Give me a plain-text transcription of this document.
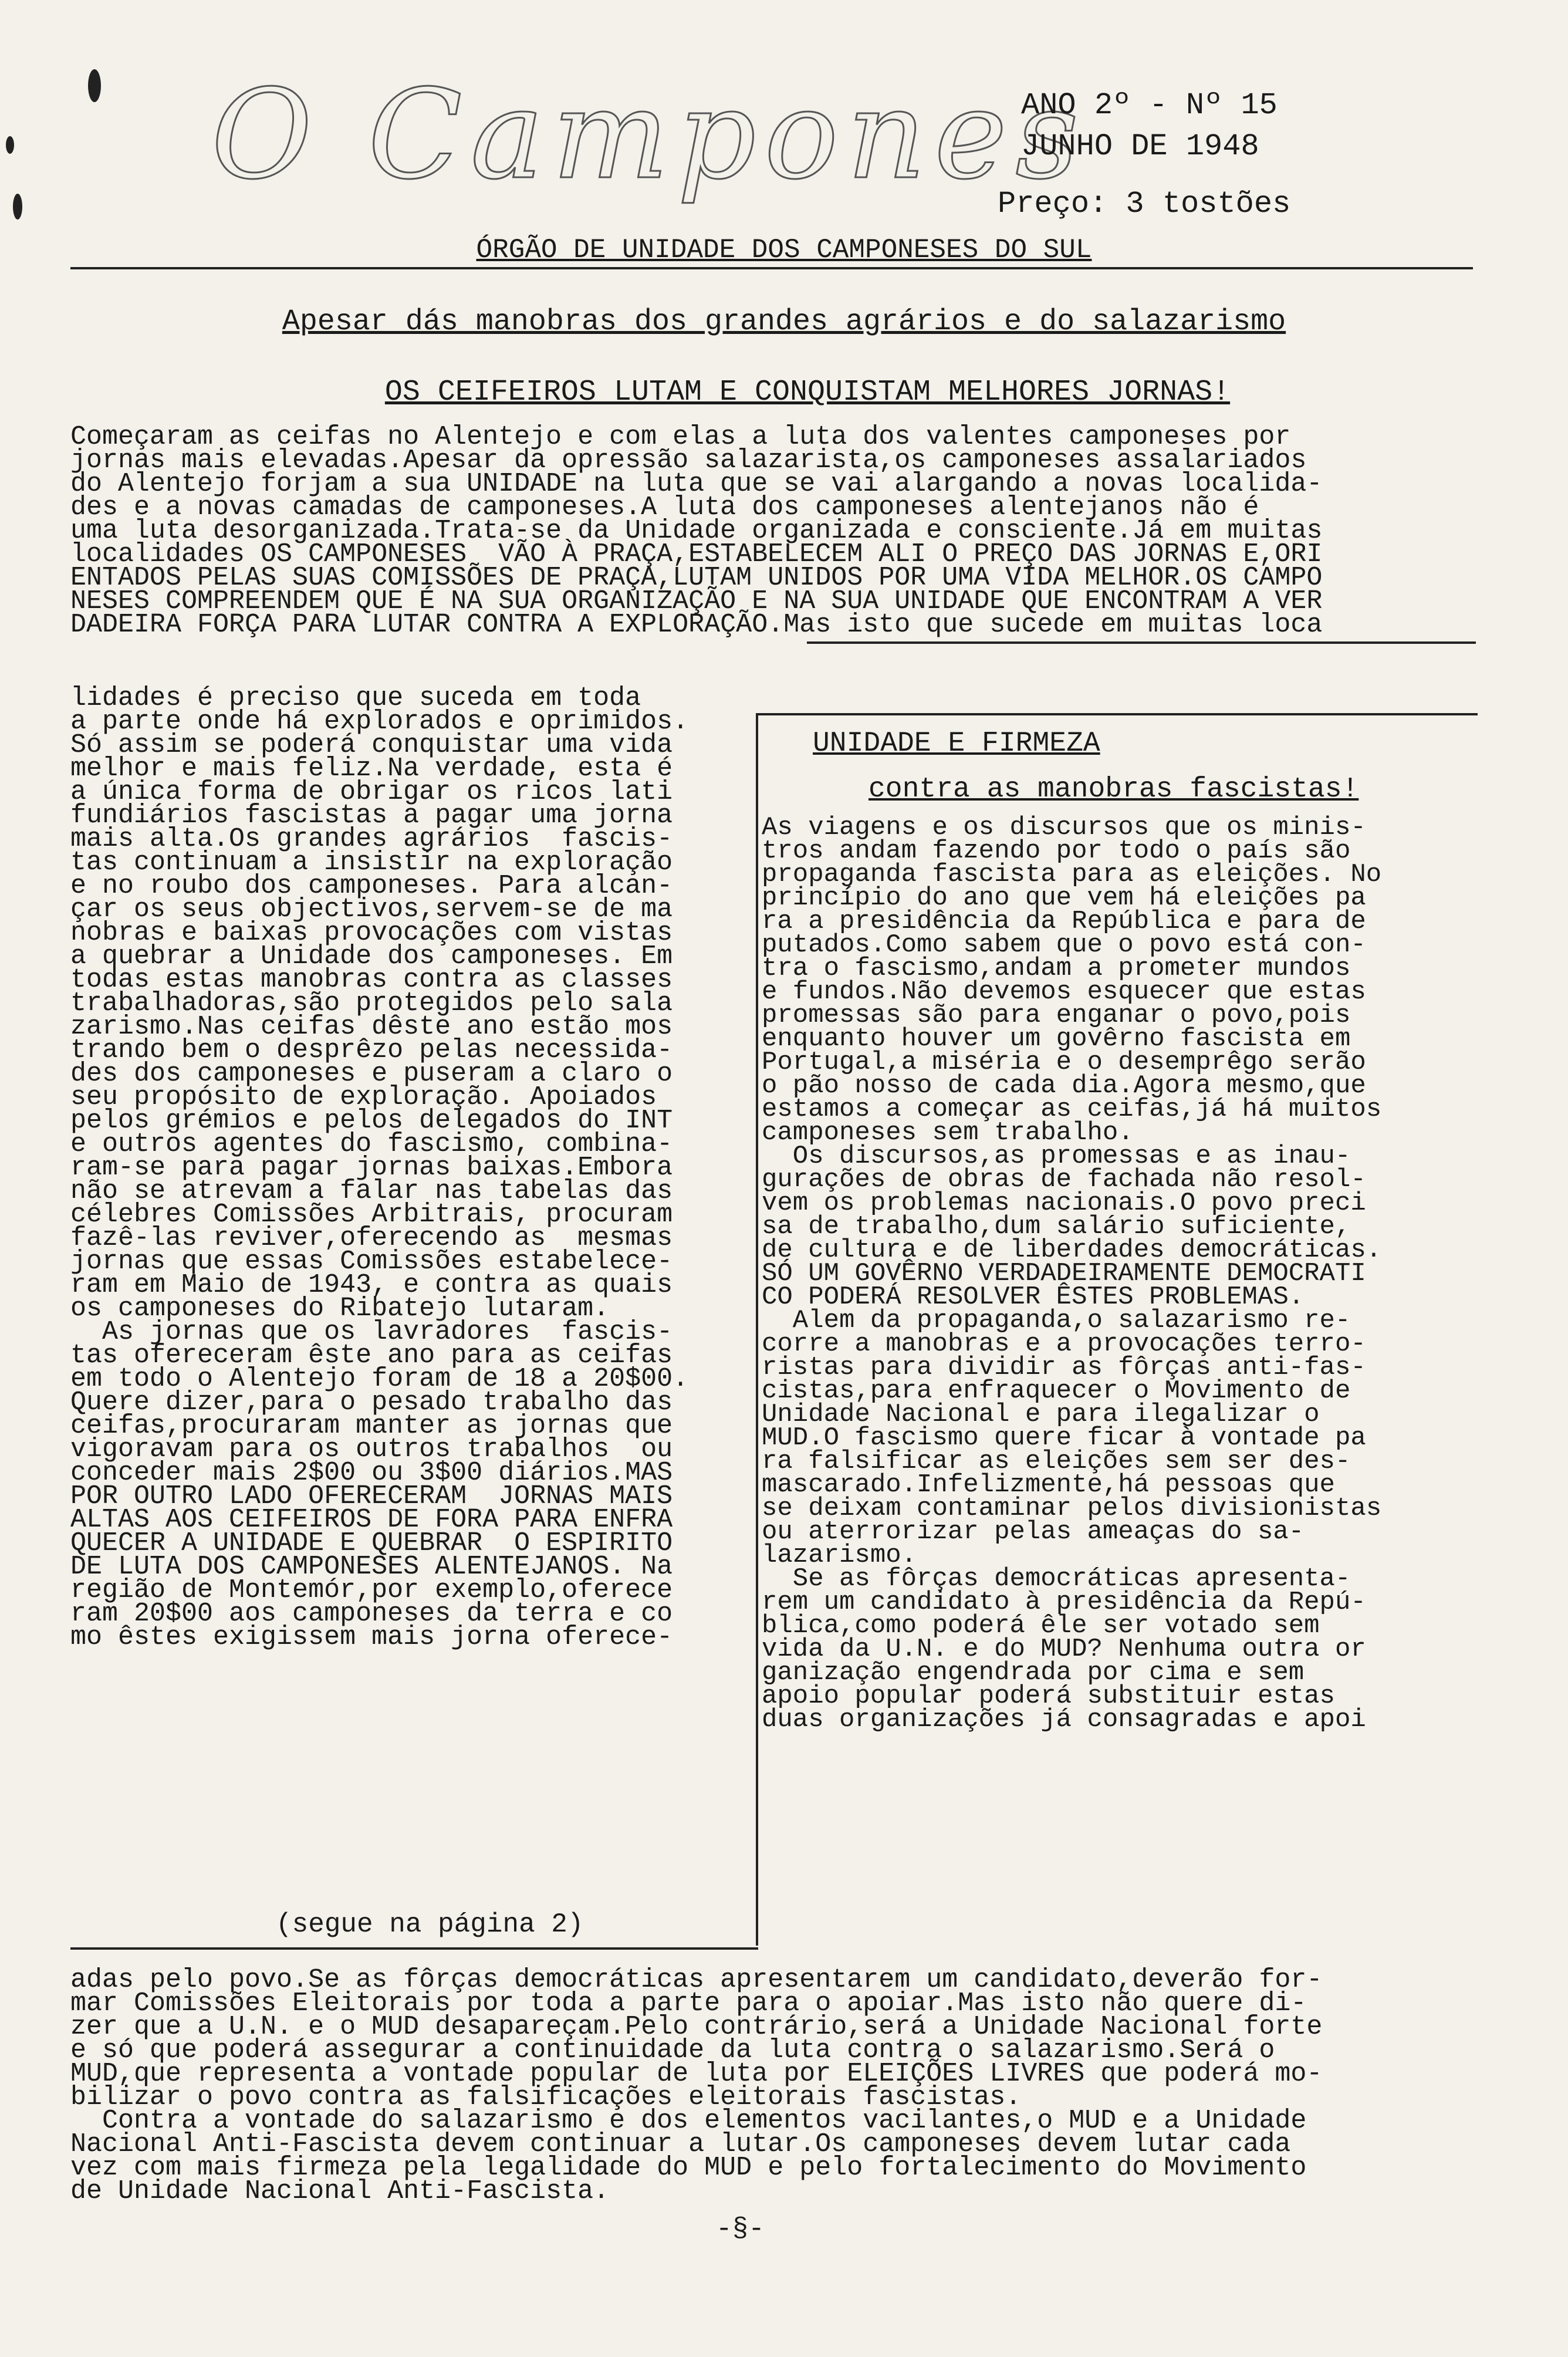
O Campones
ANO 2º - Nº 15
JUNHO DE 1948
Preço: 3 tostões
ÓRGÃO DE UNIDADE DOS CAMPONESES DO SUL
Apesar dás manobras dos grandes agrários e do salazarismo
OS CEIFEIROS LUTAM E CONQUISTAM MELHORES JORNAS!
Começaram as ceifas no Alentejo e com elas a luta dos valentes camponeses por
jornas mais elevadas.Apesar da opressão salazarista,os camponeses assalariados
do Alentejo forjam a sua UNIDADE na luta que se vai alargando a novas localida-
des e a novas camadas de camponeses.A luta dos camponeses alentejanos não é
uma luta desorganizada.Trata-se da Unidade organizada e consciente.Já em muitas
localidades OS CAMPONESES  VÃO À PRAÇA,ESTABELECEM ALI O PREÇO DAS JORNAS E,ORI
ENTADOS PELAS SUAS COMISSÕES DE PRAÇA,LUTAM UNIDOS POR UMA VIDA MELHOR.OS CAMPO
NESES COMPREENDEM QUE É NA SUA ORGANIZAÇÃO E NA SUA UNIDADE QUE ENCONTRAM A VER
DADEIRA FORÇA PARA LUTAR CONTRA A EXPLORAÇÃO.Mas isto que sucede em muitas loca
lidades é preciso que suceda em toda
a parte onde há explorados e oprimidos.
Só assim se poderá conquistar uma vida
melhor e mais feliz.Na verdade, esta é
a única forma de obrigar os ricos lati
fundiários fascistas a pagar uma jorna
mais alta.Os grandes agrários  fascis-
tas continuam a insistir na exploração
e no roubo dos camponeses. Para alcan-
çar os seus objectivos,servem-se de ma
nobras e baixas provocações com vistas
a quebrar a Unidade dos camponeses. Em
todas estas manobras contra as classes
trabalhadoras,são protegidos pelo sala
zarismo.Nas ceifas dêste ano estão mos
trando bem o desprêzo pelas necessida-
des dos camponeses e puseram a claro o
seu propósito de exploração. Apoiados
pelos grémios e pelos delegados do INT
e outros agentes do fascismo, combina-
ram-se para pagar jornas baixas.Embora
não se atrevam a falar nas tabelas das
célebres Comissões Arbitrais, procuram
fazê-las reviver,oferecendo as  mesmas
jornas que essas Comissões estabelece-
ram em Maio de 1943, e contra as quais
os camponeses do Ribatejo lutaram.
As jornas que os lavradores  fascis-
tas ofereceram êste ano para as ceifas
em todo o Alentejo foram de 18 a 20$00.
Quere dizer,para o pesado trabalho das
ceifas,procuraram manter as jornas que
vigoravam para os outros trabalhos  ou
conceder mais 2$00 ou 3$00 diários.MAS
POR OUTRO LADO OFERECERAM  JORNAS MAIS
ALTAS AOS CEIFEIROS DE FORA PARA ENFRA
QUECER A UNIDADE E QUEBRAR  O ESPIRITO
DE LUTA DOS CAMPONESES ALENTEJANOS. Na
região de Montemór,por exemplo,oferece
ram 20$00 aos camponeses da terra e co
mo êstes exigissem mais jorna oferece-
(segue na página 2)
UNIDADE E FIRMEZA
contra as manobras fascistas!
As viagens e os discursos que os minis-
tros andam fazendo por todo o país são
propaganda fascista para as eleições. No
princípio do ano que vem há eleições pa
ra a presidência da República e para de
putados.Como sabem que o povo está con-
tra o fascismo,andam a prometer mundos
e fundos.Não devemos esquecer que estas
promessas são para enganar o povo,pois
enquanto houver um govêrno fascista em
Portugal,a miséria e o desemprêgo serão
o pão nosso de cada dia.Agora mesmo,que
estamos a começar as ceifas,já há muitos
camponeses sem trabalho.
Os discursos,as promessas e as inau-
gurações de obras de fachada não resol-
vem os problemas nacionais.O povo preci
sa de trabalho,dum salário suficiente,
de cultura e de liberdades democráticas.
SÓ UM GOVÊRNO VERDADEIRAMENTE DEMOCRATI
CO PODERÁ RESOLVER ÊSTES PROBLEMAS.
Alem da propaganda,o salazarismo re-
corre a manobras e a provocações terro-
ristas para dividir as fôrças anti-fas-
cistas,para enfraquecer o Movimento de
Unidade Nacional e para ilegalizar o
MUD.O fascismo quere ficar à vontade pa
ra falsificar as eleições sem ser des-
mascarado.Infelizmente,há pessoas que
se deixam contaminar pelos divisionistas
ou aterrorizar pelas ameaças do sa-
lazarismo.
Se as fôrças democráticas apresenta-
rem um candidato à presidência da Repú-
blica,como poderá êle ser votado sem
vida da U.N. e do MUD? Nenhuma outra or
ganização engendrada por cima e sem
apoio popular poderá substituir estas
duas organizações já consagradas e apoi
adas pelo povo.Se as fôrças democráticas apresentarem um candidato,deverão for-
mar Comissões Eleitorais por toda a parte para o apoiar.Mas isto não quere di-
zer que a U.N. e o MUD desapareçam.Pelo contrário,será a Unidade Nacional forte
e só que poderá assegurar a continuidade da luta contra o salazarismo.Será o
MUD,que representa a vontade popular de luta por ELEIÇÕES LIVRES que poderá mo-
bilizar o povo contra as falsificações eleitorais fascistas.
Contra a vontade do salazarismo e dos elementos vacilantes,o MUD e a Unidade
Nacional Anti-Fascista devem continuar a lutar.Os camponeses devem lutar cada
vez com mais firmeza pela legalidade do MUD e pelo fortalecimento do Movimento
de Unidade Nacional Anti-Fascista.
-§-
